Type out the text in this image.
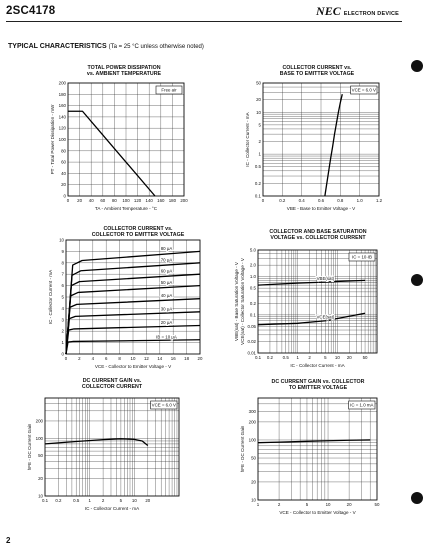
2SC4178	NEC ELECTRON DEVICE
TYPICAL CHARACTERISTICS (Ta = 25 °C unless otherwise noted)
2
TOTAL POWER DISSIPATION
vs. AMBIENT TEMPERATURE
0 20 40 60 80 100 120 140 160 180 200
0
20
40
60
80
100
120
140
160
180
200
TA - Ambient Temperature - °C
PT - Total Power Dissipation - mW
Free air
COLLECTOR CURRENT vs.
BASE TO EMITTER VOLTAGE
0	0.2	0.4	0.6	0.8	1.0	1.2
0.1
0.2
0.5
1
2
5
10
20
50
VBE - Base to Emitter Voltage - V
IC - Collector Current - mA
VCE = 6.0 V
COLLECTOR CURRENT vs.
COLLECTOR TO EMITTER VOLTAGE
0 2 4 6 8 10 12 14 16 18 20
0
1
2
3
4
5
6
7
8
9
10
VCE - Collector to Emitter Voltage - V
IC - Collector Current - mA
IB = 10 μA
20 μA
30 μA
40 μA
50 μA
60 μA
70 μA
80 μA
COLLECTOR AND BASE SATURATION
VOLTAGE vs. COLLECTOR CURRENT
0.1 0.2 0.5 1 2	5 10 20 50
0.01
0.02
0.05
0.1
0.2
0.5
1.0
2.0
5.0
IC - Collector Current - mA
VBE(sat) - Base Saturation Voltage - V VCE(sat) - Collector Saturation Voltage - V	VBE(sat)
VCE(sat)
IC = 10·IB
DC CURRENT GAIN vs.
COLLECTOR CURRENT
0.1 0.2	0.5 1 2	5 10 20
10
20
50
100
200
IC - Collector Current - mA
hFE - DC Current Gain
VCE = 6.0 V
DC CURRENT GAIN vs. COLLECTOR
TO EMITTER VOLTAGE
1	2	5	10	20	50
10
20
50
100
200
300
VCE - Collector to Emitter Voltage - V
hFE - DC Current Gain
IC = 1.0 mA
